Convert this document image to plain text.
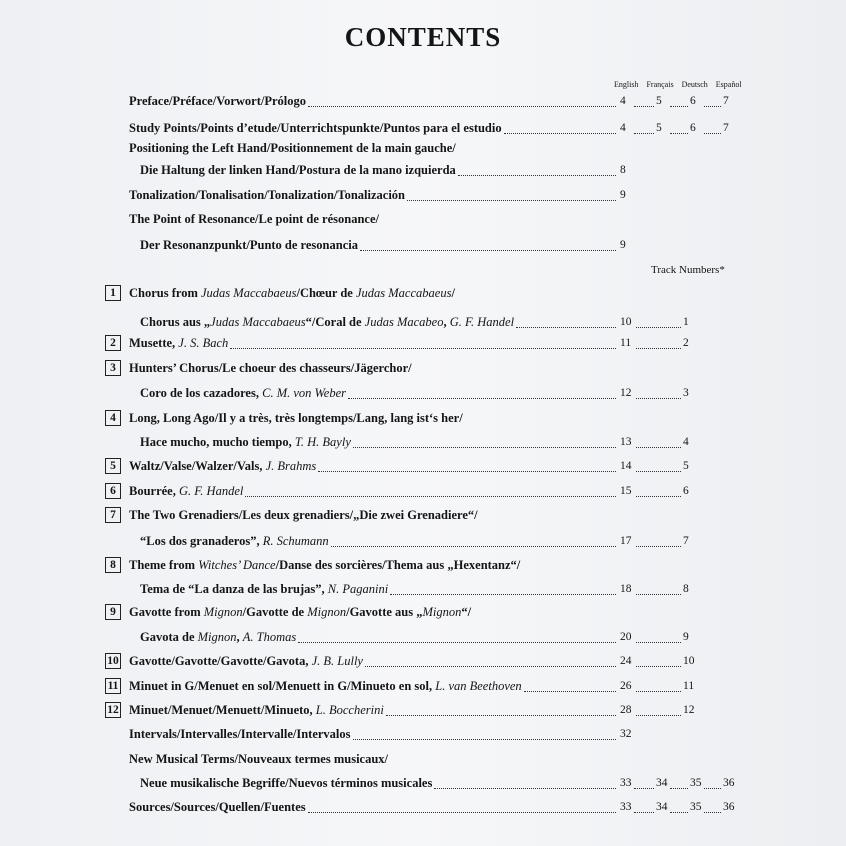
CONTENTS
English Français Deutsch Español
Track Numbers*
Preface/Préface/Vorwort/Prólogo	4	5 6 7
Study Points/Points d’etude/Unterrichtspunkte/Puntos para el estudio	4	5 6 7
Positioning the Left Hand/Positionnement de la main gauche/
Die Haltung der linken Hand/Postura de la mano izquierda	8
Tonalization/Tonalisation/Tonalization/Tonalización	9
The Point of Resonance/Le point de résonance/
Der Resonanzpunkt/Punto de resonancia	9
1	Chorus from Judas Maccabaeus/Chœur de Judas Maccabaeus/
Chorus aus „Judas Maccabaeus“/Coral de Judas Macabeo, G. F. Handel	10	1
2	Musette, J. S. Bach	11	2
3	Hunters’ Chorus/Le choeur des chasseurs/Jägerchor/
Coro de los cazadores, C. M. von Weber	12	3
4	Long, Long Ago/Il y a très, très longtemps/Lang, lang ist‘s her/
Hace mucho, mucho tiempo, T. H. Bayly	13	4
5	Waltz/Valse/Walzer/Vals, J. Brahms	14	5
6	Bourrée, G. F. Handel	15	6
7	The Two Grenadiers/Les deux grenadiers/„Die zwei Grenadiere“/
“Los dos granaderos”, R. Schumann	17	7
8	Theme from Witches’ Dance/Danse des sorcières/Thema aus „Hexentanz“/
Tema de “La danza de las brujas”, N. Paganini	18	8
9	Gavotte from Mignon/Gavotte de Mignon/Gavotte aus „Mignon“/
Gavota de Mignon, A. Thomas	20	9
10 Gavotte/Gavotte/Gavotte/Gavota, J. B. Lully	24	10
11 Minuet in G/Menuet en sol/Menuett in G/Minueto en sol, L. van Beethoven	26	11
12 Minuet/Menuet/Menuett/Minueto, L. Boccherini	28	12
Intervals/Intervalles/Intervalle/Intervalos	32
New Musical Terms/Nouveaux termes musicaux/
Neue musikalische Begriffe/Nuevos términos musicales	33 34 35 36
Sources/Sources/Quellen/Fuentes	33 34 35 36
